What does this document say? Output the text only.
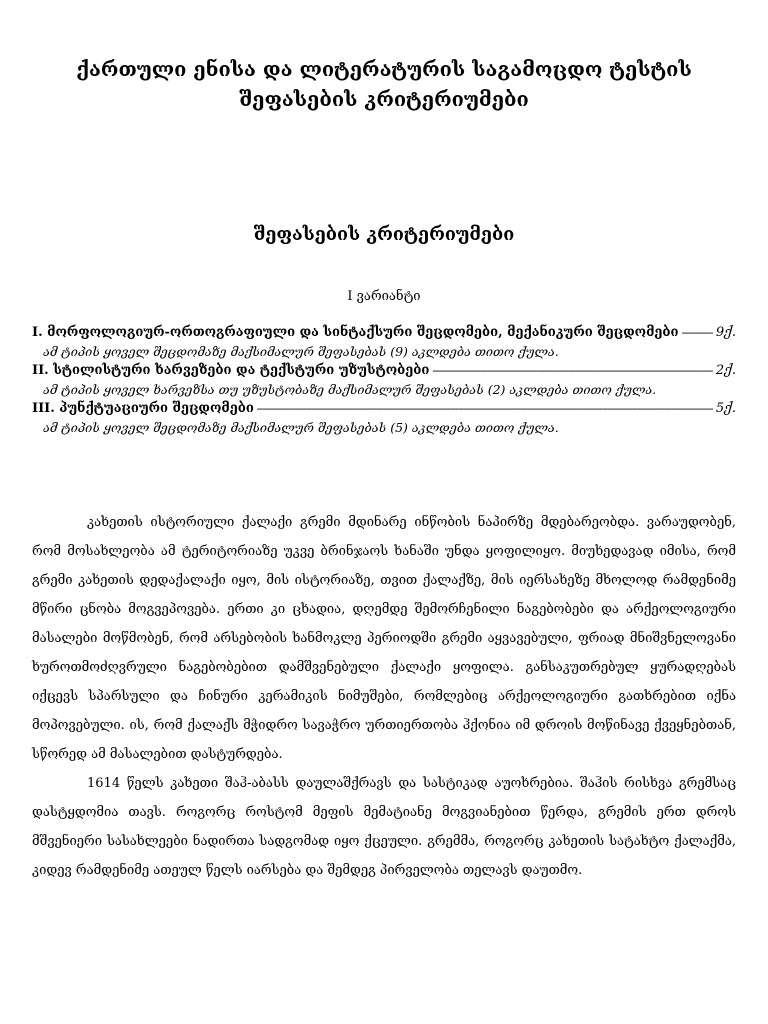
ქართული ენისა და ლიტერატურის საგამოცდო ტესტის
შეფასების კრიტერიუმები
შეფასების კრიტერიუმები
I ვარიანტი
I. მორფოლოგიურ-ორთოგრაფიული და სინტაქსური შეცდომები, მექანიკური შეცდომები -----	9ქ.
ამ ტიპის ყოველ შეცდომაზე მაქსიმალურ შეფასებას (9) აკლდება თითო ქულა.
II. სტილისტური ხარვეზები და ტექსტური უზუსტობები -----	2ქ.
ამ ტიპის ყოველ ხარვეზსა თუ უზუსტობაზე მაქსიმალურ შეფასებას (2) აკლდება თითო ქულა.
III. პუნქტუაციური შეცდომები -----	5ქ.
ამ ტიპის ყოველ შეცდომაზე მაქსიმალურ შეფასებას (5) აკლდება თითო ქულა.

კახეთის ისტორიული ქალაქი გრემი მდინარე ინწობის ნაპირზე მდებარეობდა. ვარაუდობენ, რომ მოსახლეობა ამ ტერიტორიაზე უკვე ბრინჯაოს ხანაში უნდა ყოფილიყო. მიუხედავად იმისა, რომ გრემი კახეთის დედაქალაქი იყო, მის ისტორიაზე, თვით ქალაქზე, მის იერსახეზე მხოლოდ რამდენიმე მწირი ცნობა მოგვეპოვება. ერთი კი ცხადია, დღემდე შემორჩენილი ნაგებობები და არქეოლოგიური მასალები მოწმობენ, რომ არსებობის ხანმოკლე პერიოდში გრემი აყვავებული, ფრიად მნიშვნელოვანი ხუროთმოძღვრული ნაგებობებით დამშვენებული ქალაქი ყოფილა. განსაკუთრებულ ყურადღებას იქცევს სპარსული და ჩინური კერამიკის ნიმუშები, რომლებიც არქეოლოგიური გათხრებით იქნა მოპოვებული. ის, რომ ქალაქს მჭიდრო სავაჭრო ურთიერთობა ჰქონია იმ დროის მოწინავე ქვეყნებთან, სწორედ ამ მასალებით დასტურდება.

1614 წელს კახეთი შაჰ-აბასს დაულაშქრავს და სასტიკად აუოხრებია. შაჰის რისხვა გრემსაც დასტყდომია თავს. როგორც როსტომ მეფის მემატიანე მოგვიანებით წერდა, გრემის ერთ დროს მშვენიერი სასახლეები ნადირთა სადგომად იყო ქცეული. გრემმა, როგორც კახეთის სატახტო ქალაქმა, კიდევ რამდენიმე ათეულ წელს იარსება და შემდეგ პირველობა თელავს დაუთმო.
